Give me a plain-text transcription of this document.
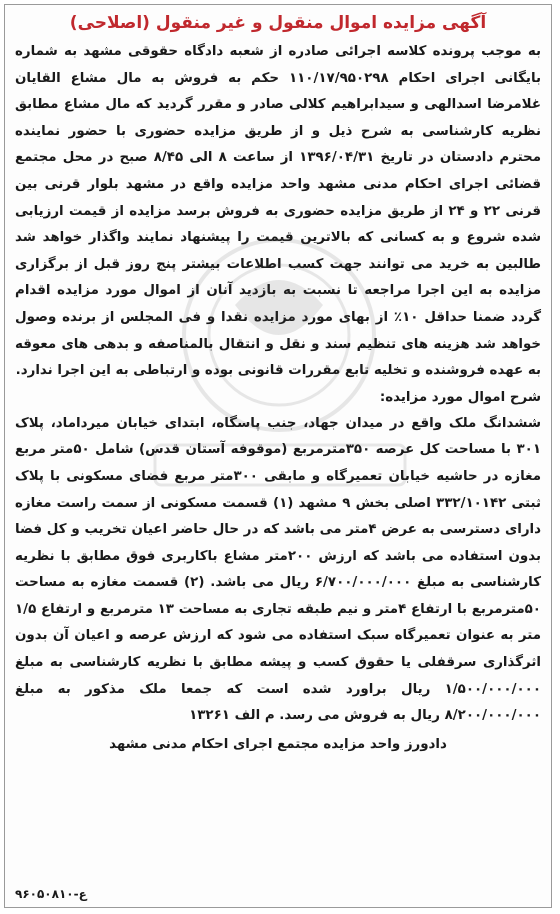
آگهی مزایده اموال منقول و غیر منقول (اصلاحی)

به موجب پرونده کلاسه اجرائی صادره از شعبه دادگاه حقوقی مشهد به شماره بایگانی اجرای احکام ۱۱۰/۱۷/۹۵۰۲۹۸ حکم به فروش به مال مشاع القایان غلامرضا اسدالهی و سیدابراهیم کلالی صادر و مقرر گردید که مال مشاع مطابق نظریه کارشناسی به شرح ذیل و از طریق مزایده حضوری با حضور نماینده محترم دادستان در تاریخ ۱۳۹۶/۰۴/۳۱ از ساعت ۸ الی ۸/۴۵ صبح در محل مجتمع قضائی اجرای احکام مدنی مشهد واحد مزایده واقع در مشهد بلوار قرنی بین قرنی ۲۲ و ۲۴ از طریق مزایده حضوری به فروش برسد مزایده از قیمت ارزیابی شده شروع و به کسانی که بالاترین قیمت را پیشنهاد نمایند واگذار خواهد شد طالبین به خرید می توانند جهت کسب اطلاعات بیشتر پنج روز قبل از برگزاری مزایده به این اجرا مراجعه تا نسبت به بازدید آنان از اموال مورد مزایده اقدام گردد ضمنا حداقل ۱۰٪ از بهای مورد مزایده نقدا و فی المجلس از برنده وصول خواهد شد هزینه های تنظیم سند و نقل و انتقال بالمناصفه و بدهی های معوقه به عهده فروشنده و تخلیه تابع مقررات قانونی بوده و ارتباطی به این اجرا ندارد.

شرح اموال مورد مزایده:

ششدانگ ملک واقع در میدان جهاد، جنب پاسگاه، ابتدای خیابان میرداماد، پلاک ۳۰۱ با مساحت کل عرصه ۳۵۰مترمربع (موقوفه آستان قدس) شامل ۵۰متر مربع مغازه در حاشیه خیابان تعمیرگاه و مابقی ۳۰۰متر مربع فضای مسکونی با پلاک ثبتی ۳۳۲/۱۰۱۴۲ اصلی بخش ۹ مشهد (۱) قسمت مسکونی از سمت راست مغازه دارای دسترسی به عرض ۴متر می باشد که در حال حاضر اعیان تخریب و کل فضا بدون استفاده می باشد که ارزش ۲۰۰متر مشاع باکاربری فوق مطابق با نظریه کارشناسی به مبلغ ۶/۷۰۰/۰۰۰/۰۰۰ ریال می باشد. (۲) قسمت مغازه به مساحت ۵۰مترمربع با ارتفاع ۴متر و نیم طبقه تجاری به مساحت ۱۳ مترمربع و ارتفاع ۱/۵ متر به عنوان تعمیرگاه سبک استفاده می شود که ارزش عرصه و اعیان آن بدون اثرگذاری سرقفلی یا حقوق کسب و پیشه مطابق با نظریه کارشناسی به مبلغ ۱/۵۰۰/۰۰۰/۰۰۰ ریال براورد شده است که جمعا ملک مذکور به مبلغ ۸/۲۰۰/۰۰۰/۰۰۰ ریال به فروش می رسد. م الف ۱۳۲۶۱

دادورز واحد مزایده مجتمع اجرای احکام مدنی مشهد
۹۶۰۵۰۸۱۰-ع
